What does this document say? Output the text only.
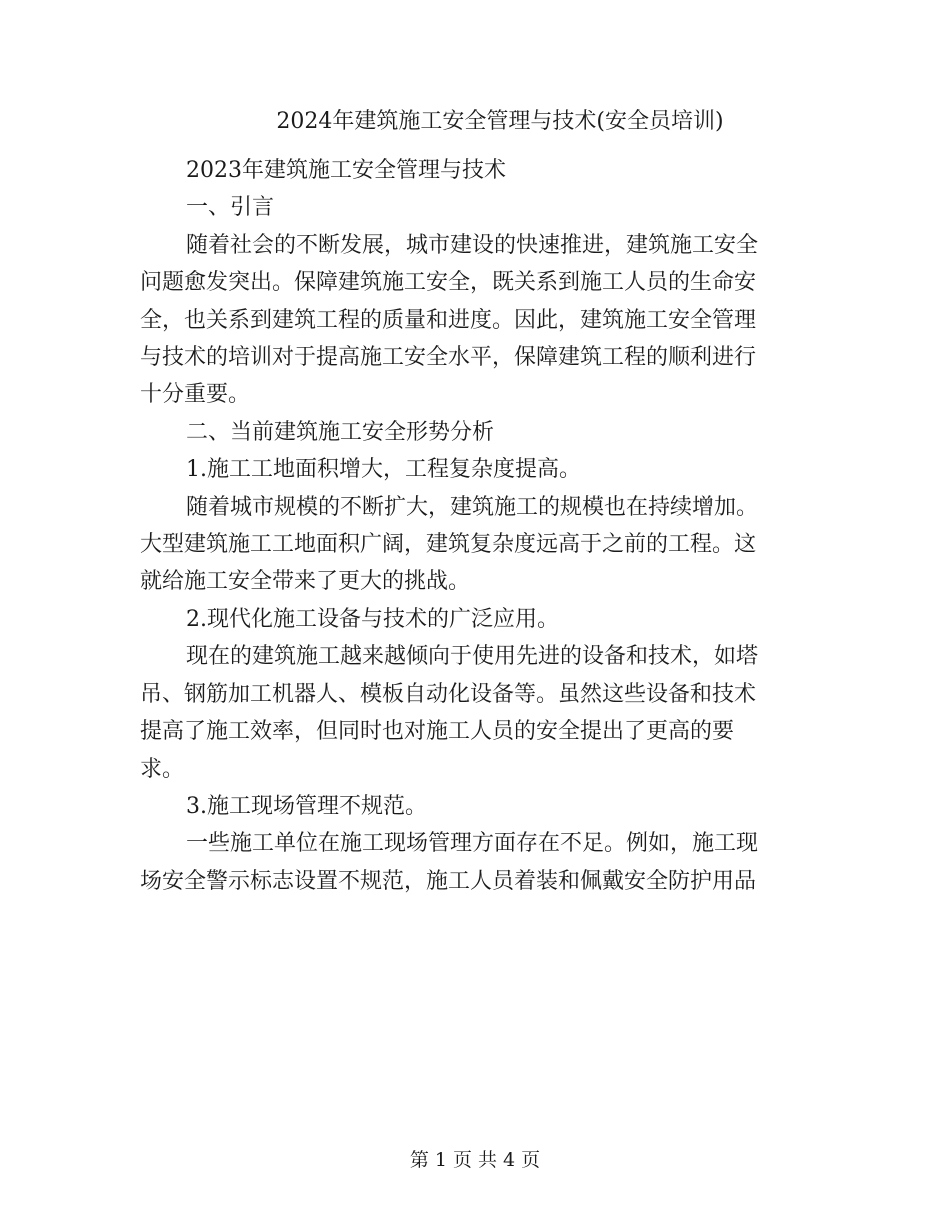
2024年建筑施工安全管理与技术(安全员培训)
2023年建筑施工安全管理与技术
一、引言
随着社会的不断发展，城市建设的快速推进，建筑施工安全
问题愈发突出。保障建筑施工安全，既关系到施工人员的生命安
全，也关系到建筑工程的质量和进度。因此，建筑施工安全管理
与技术的培训对于提高施工安全水平，保障建筑工程的顺利进行
十分重要。
二、当前建筑施工安全形势分析
1.施工工地面积增大，工程复杂度提高。
随着城市规模的不断扩大，建筑施工的规模也在持续增加。
大型建筑施工工地面积广阔，建筑复杂度远高于之前的工程。这
就给施工安全带来了更大的挑战。
2.现代化施工设备与技术的广泛应用。
现在的建筑施工越来越倾向于使用先进的设备和技术，如塔
吊、钢筋加工机器人、模板自动化设备等。虽然这些设备和技术
提高了施工效率，但同时也对施工人员的安全提出了更高的要
求。
3.施工现场管理不规范。
一些施工单位在施工现场管理方面存在不足。例如，施工现
场安全警示标志设置不规范，施工人员着装和佩戴安全防护用品
第 1 页 共 4 页
